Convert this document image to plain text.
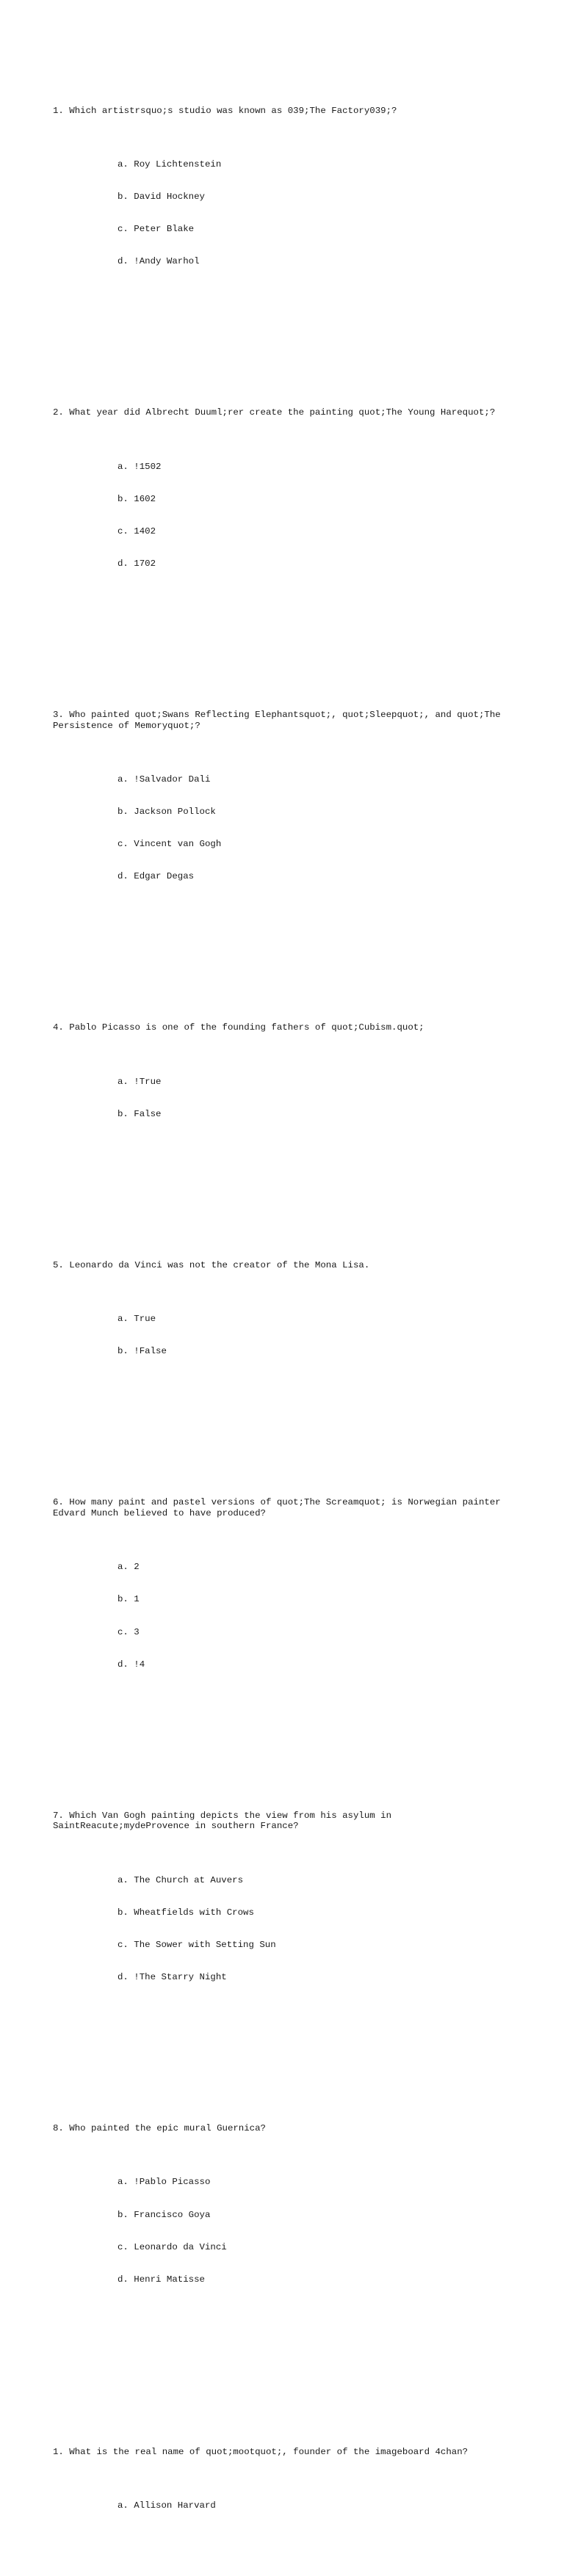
1. Which artistrsquo;s studio was known as 039;The Factory039;?

a. Roy Lichtenstein

b. David Hockney

c. Peter Blake

d. !Andy Warhol

2. What year did Albrecht Duuml;rer create the painting quot;The Young Harequot;?

a. !1502

b. 1602

c. 1402

d. 1702

3. Who painted quot;Swans Reflecting Elephantsquot;, quot;Sleepquot;, and quot;The Persistence of Memoryquot;?

a. !Salvador Dali

b. Jackson Pollock

c. Vincent van Gogh

d. Edgar Degas

4. Pablo Picasso is one of the founding fathers of quot;Cubism.quot;

a. !True

b. False

5. Leonardo da Vinci was not the creator of the Mona Lisa.

a. True

b. !False

6. How many paint and pastel versions of quot;The Screamquot; is Norwegian painter Edvard Munch believed to have produced?

a. 2

b. 1

c. 3

d. !4

7. Which Van Gogh painting depicts the view from his asylum in SaintReacute;mydeProvence in southern France?

a. The Church at Auvers

b. Wheatfields with Crows

c. The Sower with Setting Sun

d. !The Starry Night

8. Who painted the epic mural Guernica?

a. !Pablo Picasso

b. Francisco Goya

c. Leonardo da Vinci

d. Henri Matisse

1. What is the real name of quot;mootquot;, founder of the imageboard 4chan?

a. Allison Harvard
